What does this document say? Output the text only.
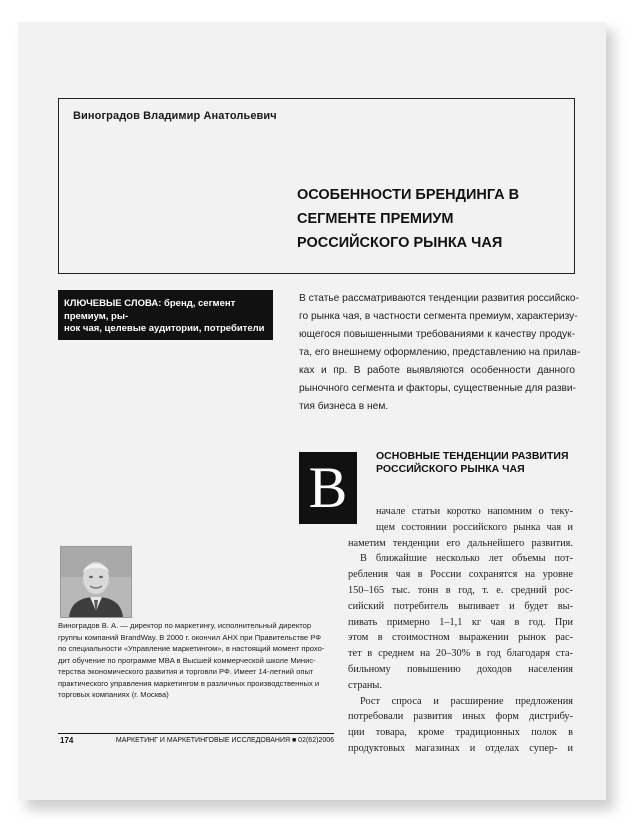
Виноградов Владимир Анатольевич
ОСОБЕННОСТИ БРЕНДИНГА В
СЕГМЕНТЕ ПРЕМИУМ
РОССИЙСКОГО РЫНКА ЧАЯ
КЛЮЧЕВЫЕ СЛОВА: бренд, сегмент премиум, ры-
нок чая, целевые аудитории, потребители
В статье рассматриваются тенденции развития российско-
го рынка чая, в частности сегмента премиум, характеризу-
ющегося повышенными требованиями к качеству продук-
та, его внешнему оформлению, представлению на прилав-
ках и пр. В работе выявляются особенности данного
рыночного сегмента и факторы, существенные для разви-
тия бизнеса в нем.
В	ОСНОВНЫЕ ТЕНДЕНЦИИ РАЗВИТИЯ
РОССИЙСКОГО РЫНКА ЧАЯ
начале статьи коротко напомним о теку-
щем состоянии российского рынка чая и
наметим тенденции его дальнейшего развития.
В ближайшие несколько лет объемы пот-
ребления чая в России сохранятся на уровне
150–165 тыс. тонн в год, т. е. средний рос-
сийский потребитель выпивает и будет вы-
пивать примерно 1–1,1 кг чая в год. При
этом в стоимостном выражении рынок рас-
тет в среднем на 20–30% в год благодаря ста-
бильному повышению доходов населения
страны.
Рост спроса и расширение предложения
потребовали развития иных форм дистрибу-
ции товара, кроме традиционных полок в
продуктовых магазинах и отделах супер- и
Виноградов В. А. — директор по маркетингу, исполнительный директор
группы компаний BrandWay. В 2000 г. окончил АНХ при Правительстве РФ
по специальности «Управление маркетингом», в настоящий момент прохо-
дит обучение по программе MBA в Высшей коммерческой школе Минис-
терства экономического развития и торговли РФ. Имеет 14-летний опыт
практического управления маркетингом в различных производственных и
торговых компаниях (г. Москва)
174	МАРКЕТИНГ И МАРКЕТИНГОВЫЕ ИССЛЕДОВАНИЯ ■ 02(62)2006
